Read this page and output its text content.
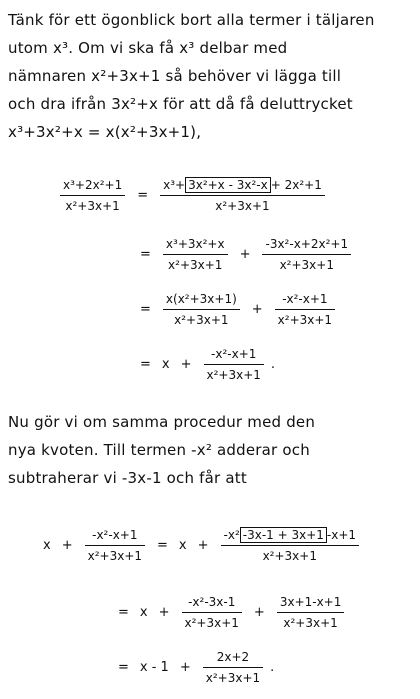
Tänk för ett ögonblick bort alla termer i täljaren
utom x³. Om vi ska få x³ delbar med
nämnaren x²+3x+1 så behöver vi lägga till
och dra ifrån 3x²+x för att då få deluttrycket
x³+3x²+x = x(x²+3x+1),
$\frac{\text{x³+2x²+1}}{\text{x²+3x+1}} = \frac{\text{x³+ 3x²+x - 3x²-x + 2x²+1}}{\text{x²+3x+1}}$
= $\frac{\text{x³+3x²+x}}{\text{x²+3x+1}} + \frac{\text{-3x²-x+2x²+1}}{\text{x²+3x+1}}$
= $\frac{\text{x(x²+3x+1)}}{\text{x²+3x+1}} + \frac{\text{-x²-x+1}}{\text{x²+3x+1}}$
= $x + \frac{\text{-x²-x+1}}{\text{x²+3x+1}}$ .
Nu gör vi om samma procedur med den
nya kvoten. Till termen -x² adderar och
subtraherar vi -3x-1 och får att
$x + \frac{\text{-x²-x+1}}{\text{x²+3x+1}} = x + \frac{\text{-x² -3x-1 + 3x+1 -x+1}}{\text{x²+3x+1}}$
= $x + \frac{\text{-x²-3x-1}}{\text{x²+3x+1}} + \frac{3x+1-x+1}{\text{x²+3x+1}}$
= $x - 1 + \frac{2x+2}{\text{x²+3x+1}}$ .
